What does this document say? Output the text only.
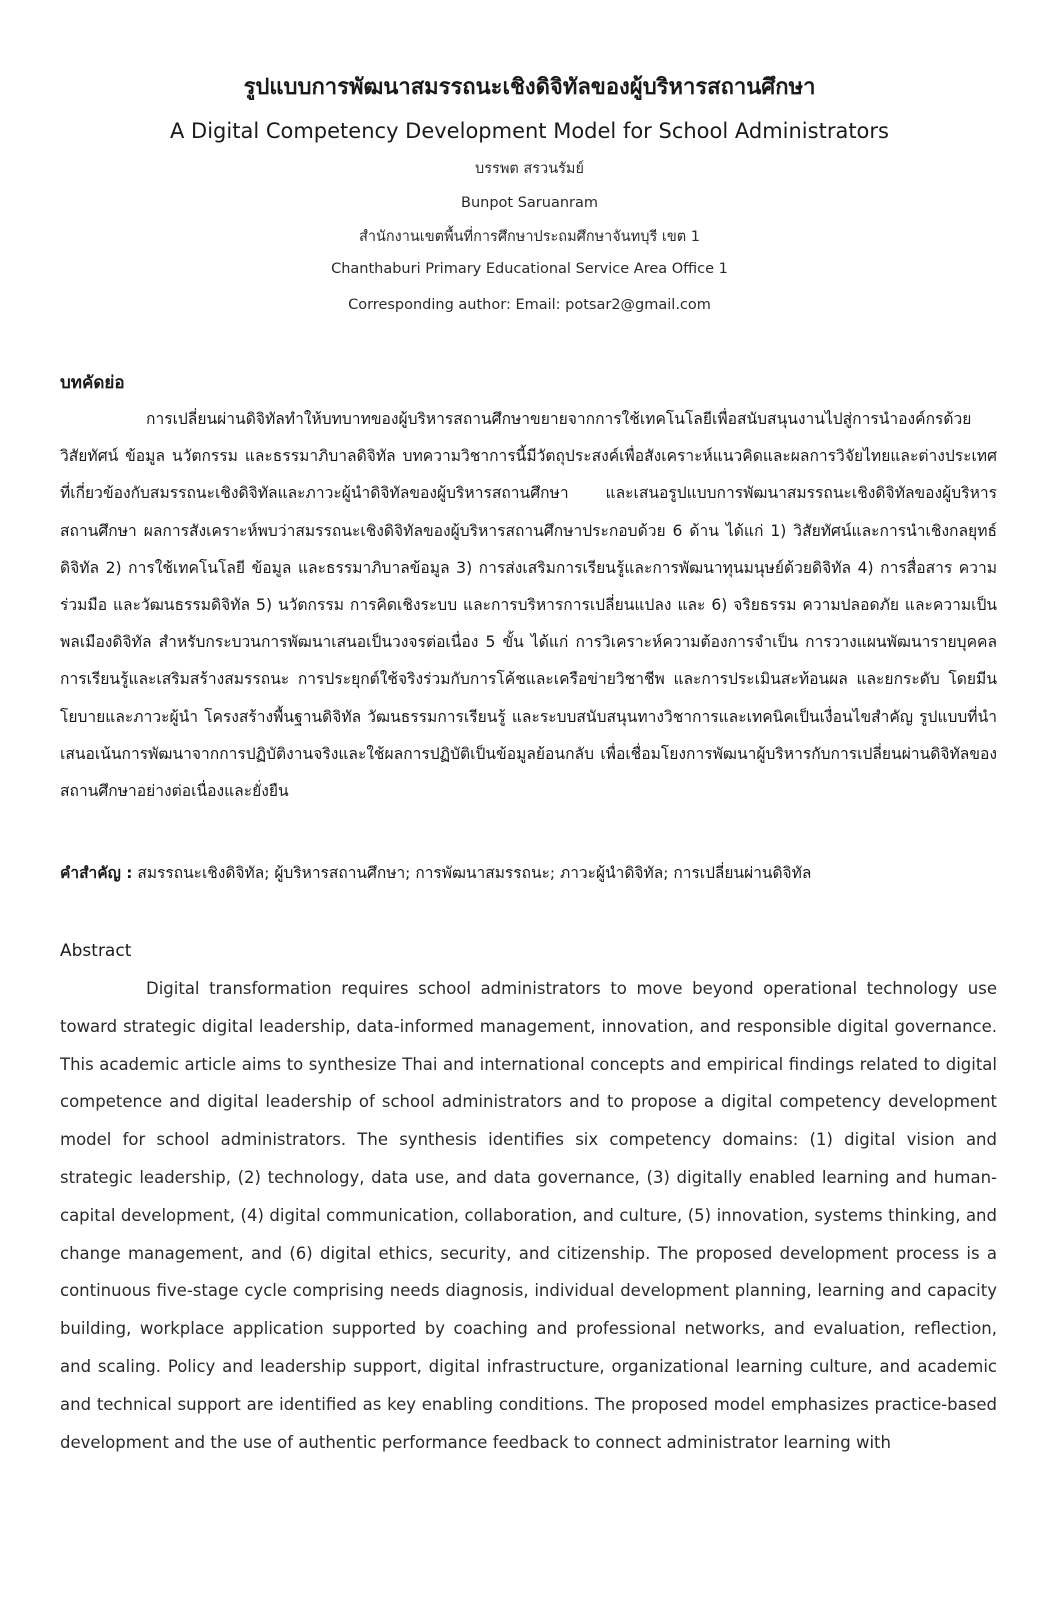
รูปแบบการพัฒนาสมรรถนะเชิงดิจิทัลของผู้บริหารสถานศึกษา
A Digital Competency Development Model for School Administrators
บรรพต สรวนรัมย์
Bunpot Saruanram
สำนักงานเขตพื้นที่การศึกษาประถมศึกษาจันทบุรี เขต 1
Chanthaburi Primary Educational Service Area Office 1
Corresponding author: Email: potsar2@gmail.com
บทคัดย่อ

การเปลี่ยนผ่านดิจิทัลทำให้บทบาทของผู้บริหารสถานศึกษาขยายจากการใช้เทคโนโลยีเพื่อสนับสนุนงานไปสู่การนำองค์กรด้วยวิสัยทัศน์ ข้อมูล นวัตกรรม และธรรมาภิบาลดิจิทัล บทความวิชาการนี้มีวัตถุประสงค์เพื่อสังเคราะห์แนวคิดและผลการวิจัยไทยและต่างประเทศที่เกี่ยวข้องกับสมรรถนะเชิงดิจิทัลและภาวะผู้นำดิจิทัลของผู้บริหารสถานศึกษา และเสนอรูปแบบการพัฒนาสมรรถนะเชิงดิจิทัลของผู้บริหารสถานศึกษา ผลการสังเคราะห์พบว่าสมรรถนะเชิงดิจิทัลของผู้บริหารสถานศึกษาประกอบด้วย 6 ด้าน ได้แก่ 1) วิสัยทัศน์และการนำเชิงกลยุทธ์ดิจิทัล 2) การใช้เทคโนโลยี ข้อมูล และธรรมาภิบาลข้อมูล 3) การส่งเสริมการเรียนรู้และการพัฒนาทุนมนุษย์ด้วยดิจิทัล 4) การสื่อสาร ความร่วมมือ และวัฒนธรรมดิจิทัล 5) นวัตกรรม การคิดเชิงระบบ และการบริหารการเปลี่ยนแปลง และ 6) จริยธรรม ความปลอดภัย และความเป็นพลเมืองดิจิทัล สำหรับกระบวนการพัฒนาเสนอเป็นวงจรต่อเนื่อง 5 ขั้น ได้แก่ การวิเคราะห์ความต้องการจำเป็น การวางแผนพัฒนารายบุคคล การเรียนรู้และเสริมสร้างสมรรถนะ การประยุกต์ใช้จริงร่วมกับการโค้ชและเครือข่ายวิชาชีพ และการประเมินสะท้อนผล และยกระดับ โดยมีนโยบายและภาวะผู้นำ โครงสร้างพื้นฐานดิจิทัล วัฒนธรรมการเรียนรู้ และระบบสนับสนุนทางวิชาการและเทคนิคเป็นเงื่อนไขสำคัญ รูปแบบที่นำเสนอเน้นการพัฒนาจากการปฏิบัติงานจริงและใช้ผลการปฏิบัติเป็นข้อมูลย้อนกลับ เพื่อเชื่อมโยงการพัฒนาผู้บริหารกับการเปลี่ยนผ่านดิจิทัลของสถานศึกษาอย่างต่อเนื่องและยั่งยืน

คำสำคัญ : สมรรถนะเชิงดิจิทัล; ผู้บริหารสถานศึกษา; การพัฒนาสมรรถนะ; ภาวะผู้นำดิจิทัล; การเปลี่ยนผ่านดิจิทัล
Abstract

Digital transformation requires school administrators to move beyond operational technology use toward strategic digital leadership, data-informed management, innovation, and responsible digital governance. This academic article aims to synthesize Thai and international concepts and empirical findings related to digital competence and digital leadership of school administrators and to propose a digital competency development model for school administrators. The synthesis identifies six competency domains: (1) digital vision and strategic leadership, (2) technology, data use, and data governance, (3) digitally enabled learning and human-capital development, (4) digital communication, collaboration, and culture, (5) innovation, systems thinking, and change management, and (6) digital ethics, security, and citizenship. The proposed development process is a continuous five-stage cycle comprising needs diagnosis, individual development planning, learning and capacity building, workplace application supported by coaching and professional networks, and evaluation, reflection, and scaling. Policy and leadership support, digital infrastructure, organizational learning culture, and academic and technical support are identified as key enabling conditions. The proposed model emphasizes practice-based development and the use of authentic performance feedback to connect administrator learning with
